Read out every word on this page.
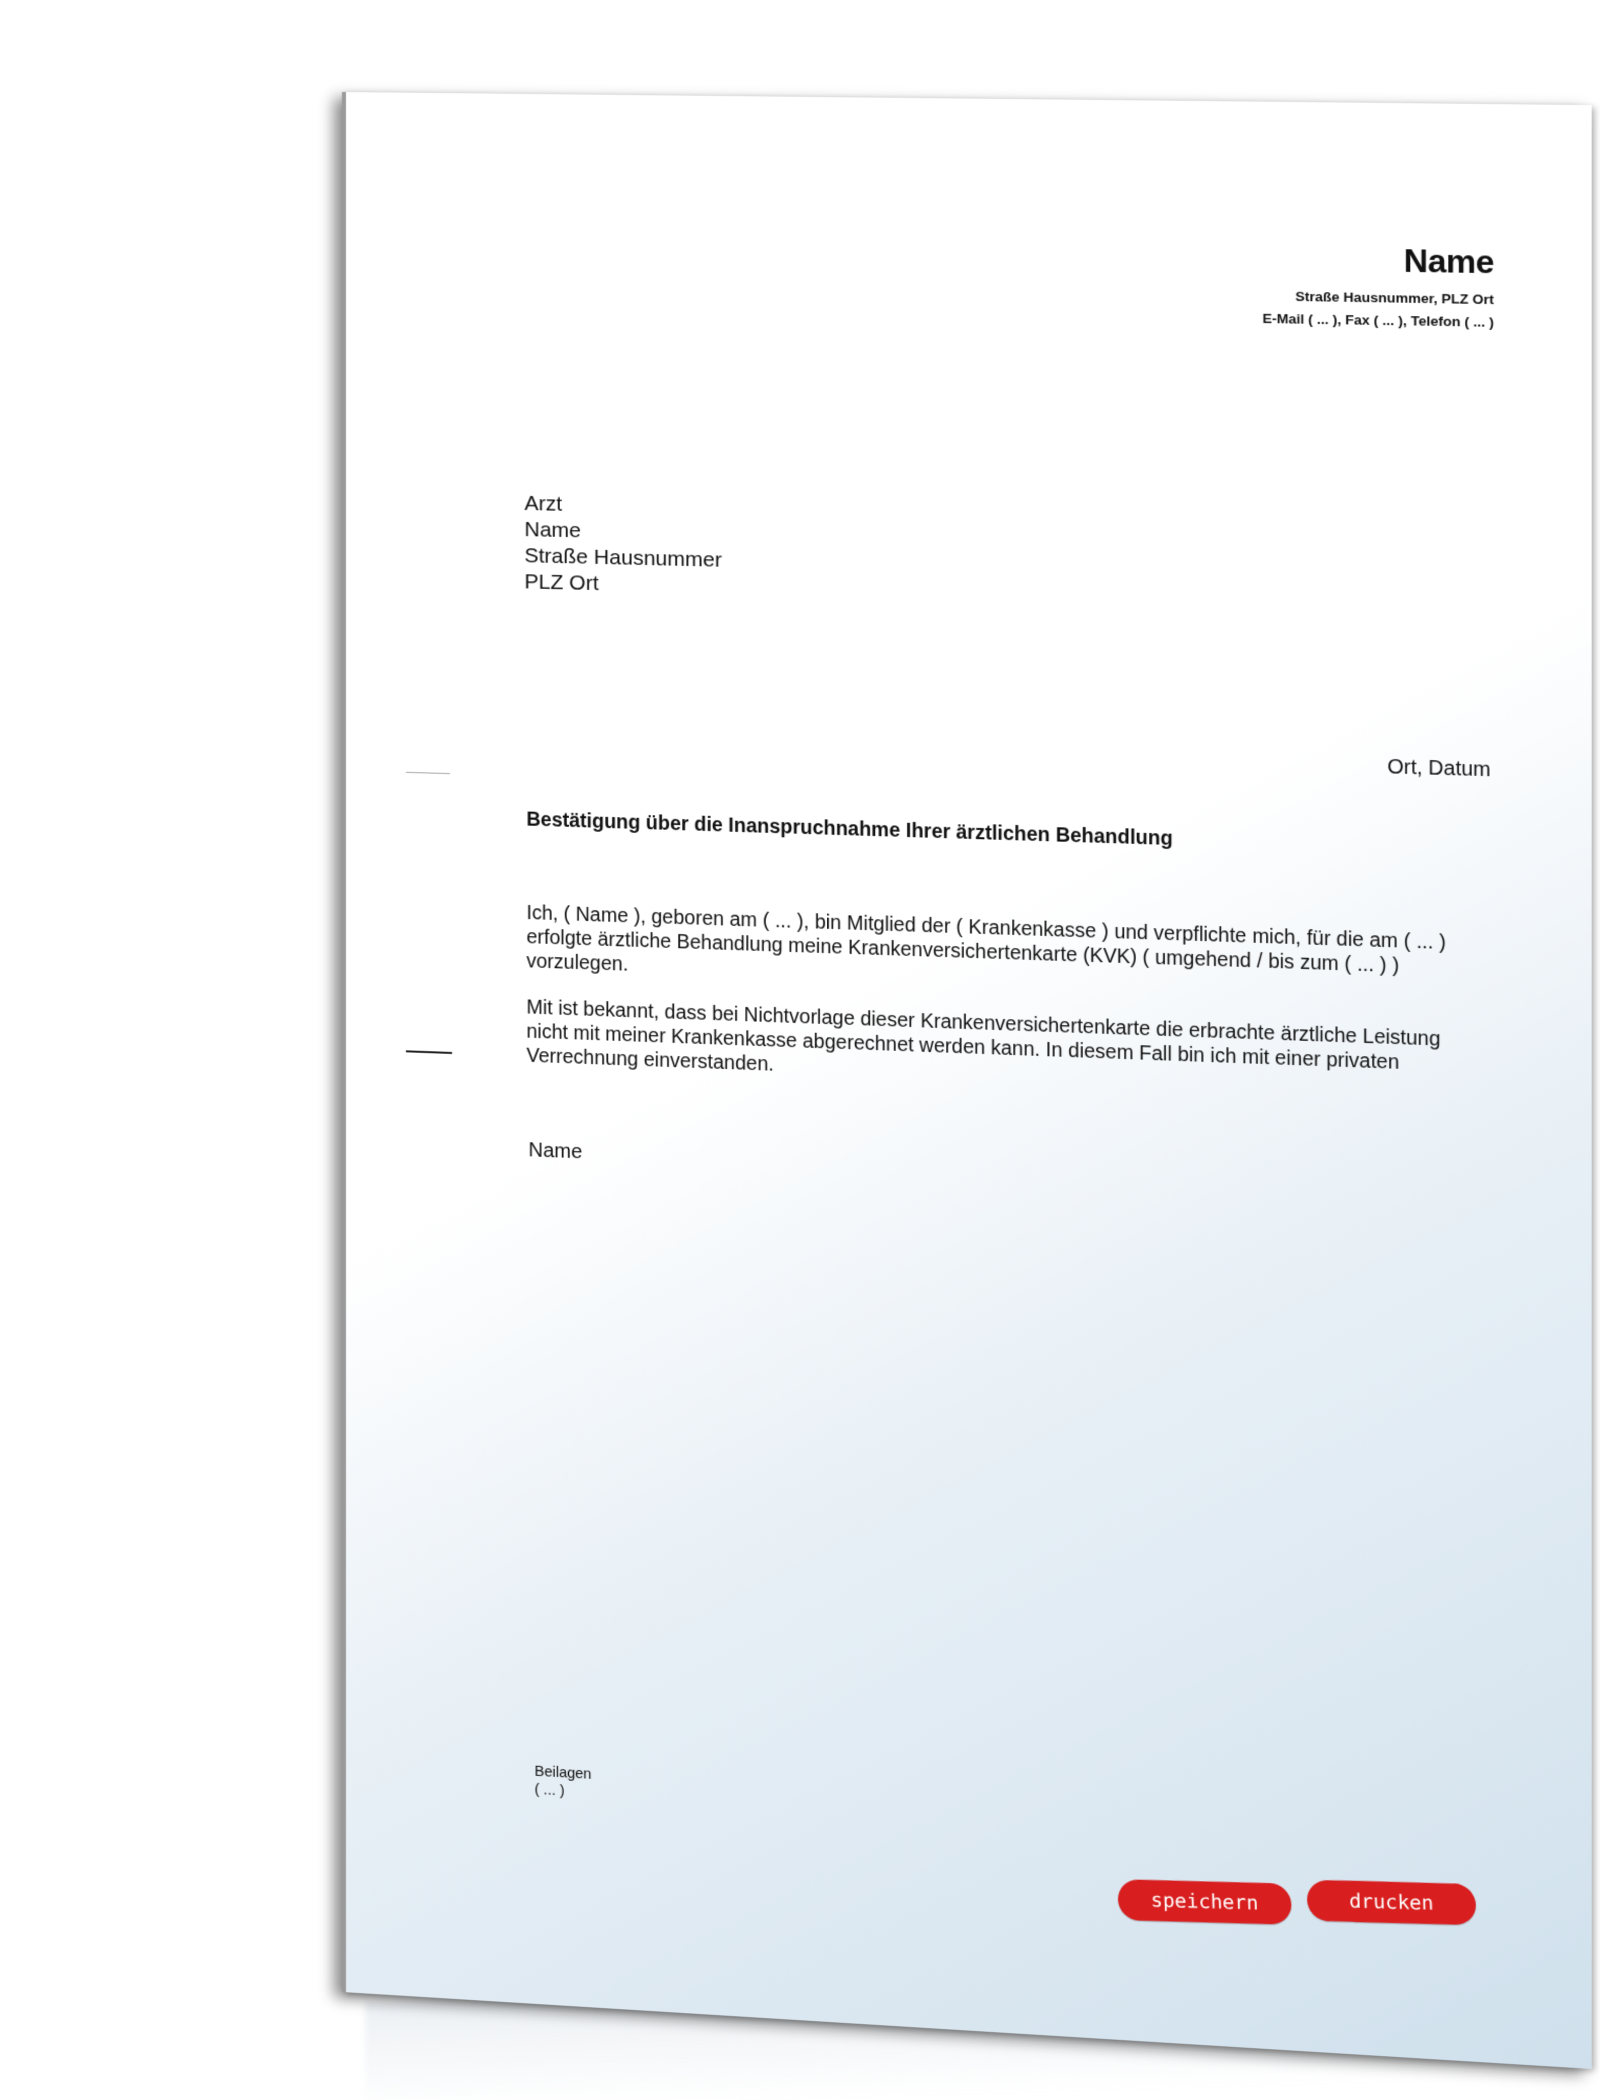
Name
Straße Hausnummer, PLZ Ort
E-Mail ( ... ), Fax ( ... ), Telefon ( ... )
Arzt
Name
Straße Hausnummer
PLZ Ort
Ort, Datum
Bestätigung über die Inanspruchnahme Ihrer ärztlichen Behandlung
Ich, ( Name ), geboren am ( ... ), bin Mitglied der ( Krankenkasse ) und verpflichte mich, für die am ( ... ) erfolgte ärztliche Behandlung meine Krankenversichertenkarte (KVK) ( umgehend / bis zum ( ... ) ) vorzulegen.
Mit ist bekannt, dass bei Nichtvorlage dieser Krankenversichertenkarte die erbrachte ärztliche Leistung nicht mit meiner Krankenkasse abgerechnet werden kann. In diesem Fall bin ich mit einer privaten Verrechnung einverstanden.
Name
Beilagen
( ... )
speichern	drucken
